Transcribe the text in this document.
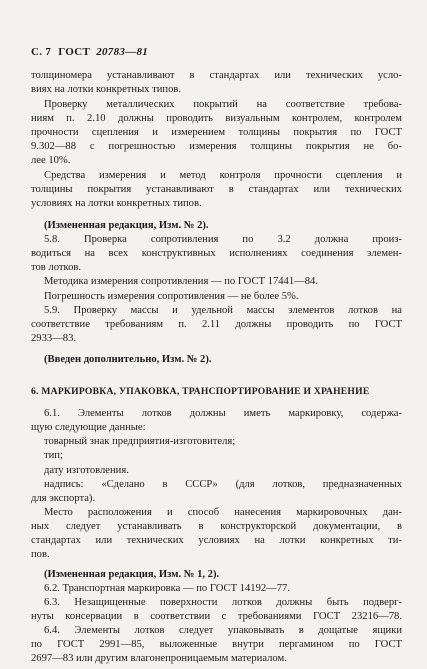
С. 7 ГОСТ 20783—81
толщиномера устанавливают в стандартах или технических усло-
виях на лотки конкретных типов.
Проверку металлических покрытий на соответствие требова-
ниям п. 2.10 должны проводить визуальным контролем, контролем
прочности сцепления и измерением толщины покрытия по ГОСТ
9.302—88 с погрешностью измерения толщины покрытия не бо-
лее 10%.
Средства измерения и метод контроля прочности сцепления и
толщины покрытия устанавливают в стандартах или технических
условиях на лотки конкретных типов.
(Измененная редакция, Изм. № 2).
5.8. Проверка сопротивления по 3.2 должна произ-
водиться на всех конструктивных исполнениях соединения элемен-
тов лотков.
Методика измерения сопротивления — по ГОСТ 17441—84.
Погрешность измерения сопротивления — не более 5%.
5.9. Проверку массы и удельной массы элементов лотков на
соответствие требованиям п. 2.11 должны проводить по ГОСТ
2933—83.
(Введен дополнительно, Изм. № 2).
6. МАРКИРОВКА, УПАКОВКА, ТРАНСПОРТИРОВАНИЕ И ХРАНЕНИЕ
6.1. Элементы лотков должны иметь маркировку, содержа-
щую следующие данные:
товарный знак предприятия-изготовителя;
тип;
дату изготовления.
надпись: «Сделано в СССР» (для лотков, предназначенных
для экспорта).
Место расположения и способ нанесения маркировочных дан-
ных следует устанавливать в конструкторской документации, в
стандартах или технических условиях на лотки конкретных ти-
пов.
(Измененная редакция, Изм. № 1, 2).
6.2. Транспортная маркировка — по ГОСТ 14192—77.
6.3. Незащищенные поверхности лотков должны быть подверг-
нуты консервации в соответствии с требованиями ГОСТ 23216—78.
6.4. Элементы лотков следует упаковывать в дощатые ящики
по ГОСТ 2991—85, выложенные внутри пергамином по ГОСТ
2697—83 или другим влагонепроницаемым материалом.
